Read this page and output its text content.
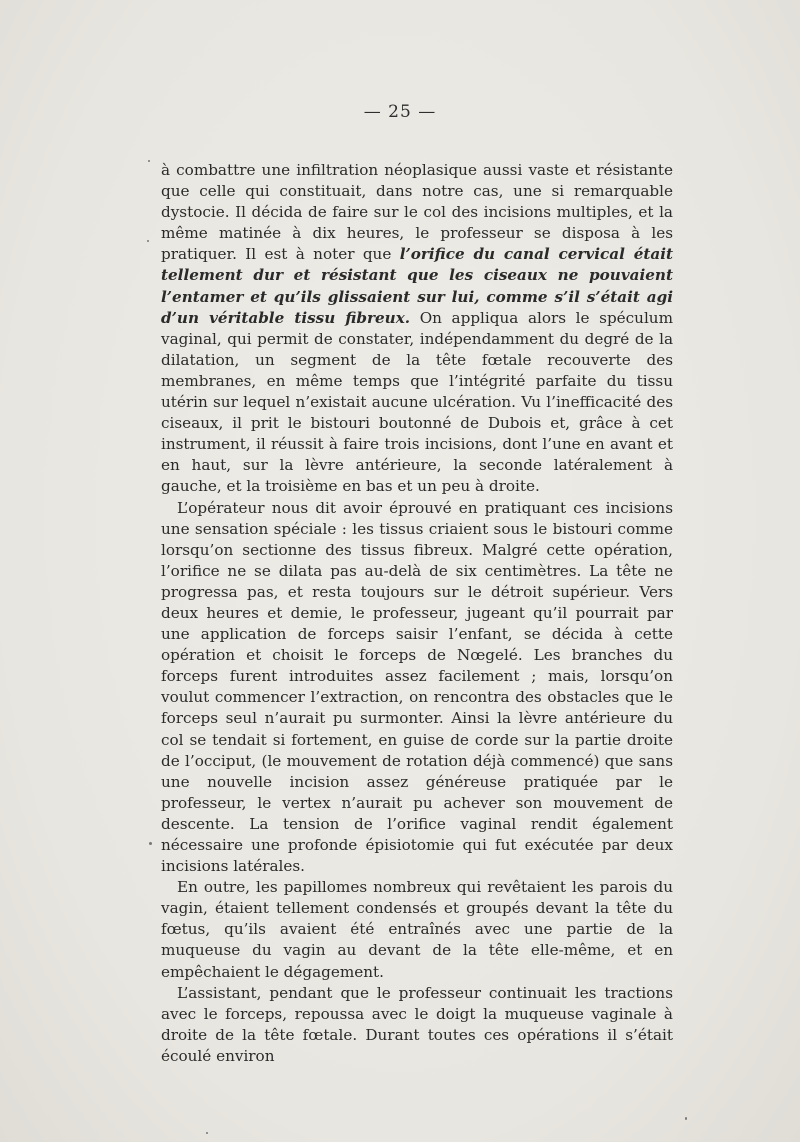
— 25 —

à combattre une infiltration néoplasique aussi vaste et résistante que celle qui constituait, dans notre cas, une si remarquable dystocie. Il décida de faire sur le col des incisions multiples, et la même matinée à dix heures, le professeur se disposa à les pratiquer. Il est à noter que l’orifice du canal cervical était tellement dur et résistant que les ciseaux ne pouvaient l’entamer et qu’ils glissaient sur lui, comme s’il s’était agi d’un véritable tissu fibreux. On appliqua alors le spéculum vaginal, qui permit de constater, indépendamment du degré de la dilatation, un segment de la tête fœtale recouverte des membranes, en même temps que l’intégrité parfaite du tissu utérin sur lequel n’existait aucune ulcération. Vu l’inefficacité des ciseaux, il prit le bistouri boutonné de Dubois et, grâce à cet instrument, il réussit à faire trois incisions, dont l’une en avant et en haut, sur la lèvre antérieure, la seconde latéralement à gauche, et la troisième en bas et un peu à droite.

L’opérateur nous dit avoir éprouvé en pratiquant ces incisions une sensation spéciale : les tissus criaient sous le bistouri comme lorsqu’on sectionne des tissus fibreux. Malgré cette opération, l’orifice ne se dilata pas au-delà de six centimètres. La tête ne progressa pas, et resta toujours sur le détroit supérieur. Vers deux heures et demie, le professeur, jugeant qu’il pourrait par une application de forceps saisir l’enfant, se décida à cette opération et choisit le forceps de Nœgelé. Les branches du forceps furent introduites assez facilement ; mais, lorsqu’on voulut commencer l’extraction, on rencontra des obstacles que le forceps seul n’aurait pu surmonter. Ainsi la lèvre antérieure du col se tendait si fortement, en guise de corde sur la partie droite de l’occiput, (le mouvement de rotation déjà commencé) que sans une nouvelle incision assez généreuse pratiquée par le professeur, le vertex n’aurait pu achever son mouvement de descente. La tension de l’orifice vaginal rendit également nécessaire une profonde épisiotomie qui fut exécutée par deux incisions latérales.

En outre, les papillomes nombreux qui revêtaient les parois du vagin, étaient tellement condensés et groupés devant la tête du fœtus, qu’ils avaient été entraînés avec une partie de la muqueuse du vagin au devant de la tête elle-même, et en empêchaient le dégagement.

L’assistant, pendant que le professeur continuait les tractions avec le forceps, repoussa avec le doigt la muqueuse vaginale à droite de la tête fœtale. Durant toutes ces opérations il s’était écoulé environ
